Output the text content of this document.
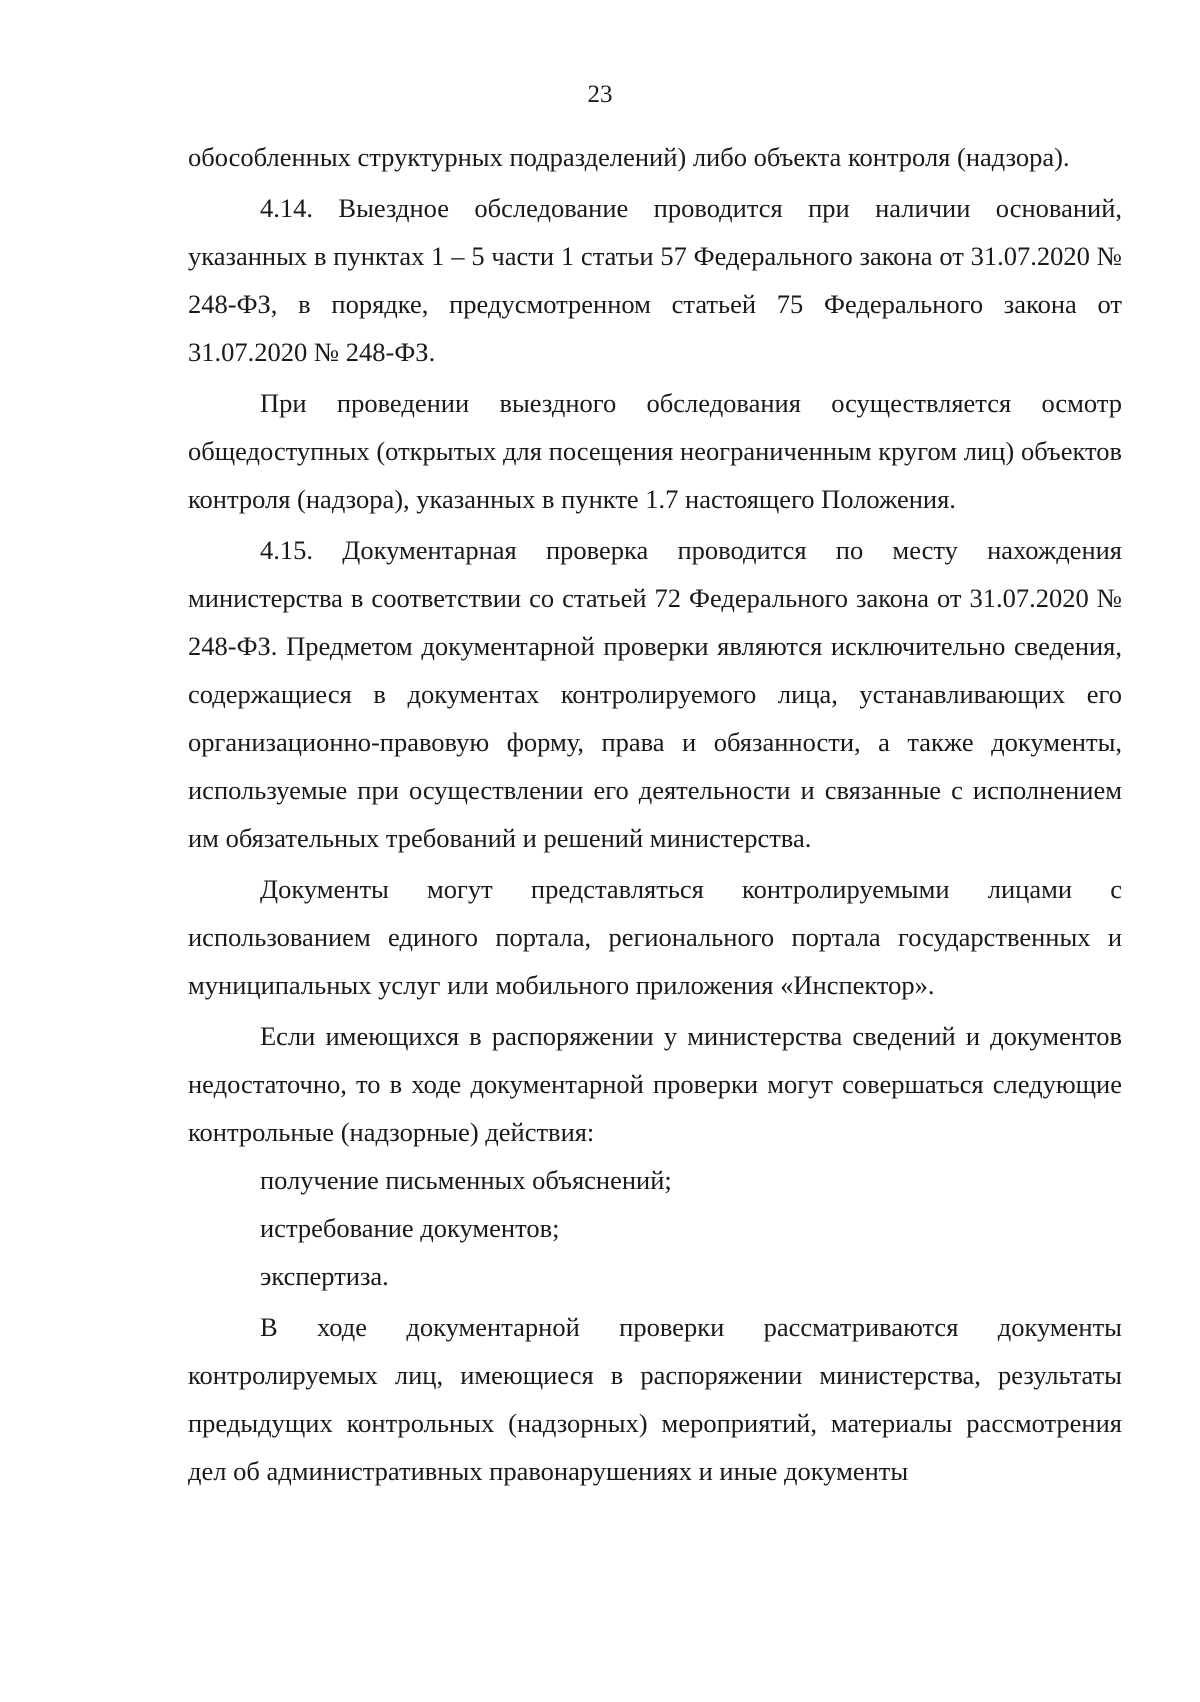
23

обособленных структурных подразделений) либо объекта контроля (надзора).

4.14. Выездное обследование проводится при наличии оснований, указанных в пунктах 1 – 5 части 1 статьи 57 Федерального закона от 31.07.2020 № 248-ФЗ, в порядке, предусмотренном статьей 75 Федерального закона от 31.07.2020 № 248-ФЗ.

При проведении выездного обследования осуществляется осмотр общедоступных (открытых для посещения неограниченным кругом лиц) объектов контроля (надзора), указанных в пункте 1.7 настоящего Положения.

4.15. Документарная проверка проводится по месту нахождения министерства в соответствии со статьей 72 Федерального закона от 31.07.2020 № 248-ФЗ. Предметом документарной проверки являются исключительно сведения, содержащиеся в документах контролируемого лица, устанавливающих его организационно-правовую форму, права и обязанности, а также документы, используемые при осуществлении его деятельности и связанные с исполнением им обязательных требований и решений министерства.

Документы могут представляться контролируемыми лицами с использованием единого портала, регионального портала государственных и муниципальных услуг или мобильного приложения «Инспектор».

Если имеющихся в распоряжении у министерства сведений и документов недостаточно, то в ходе документарной проверки могут совершаться следующие контрольные (надзорные) действия:

получение письменных объяснений;

истребование документов;

экспертиза.

В ходе документарной проверки рассматриваются документы контролируемых лиц, имеющиеся в распоряжении министерства, результаты предыдущих контрольных (надзорных) мероприятий, материалы рассмотрения дел об административных правонарушениях и иные документы
